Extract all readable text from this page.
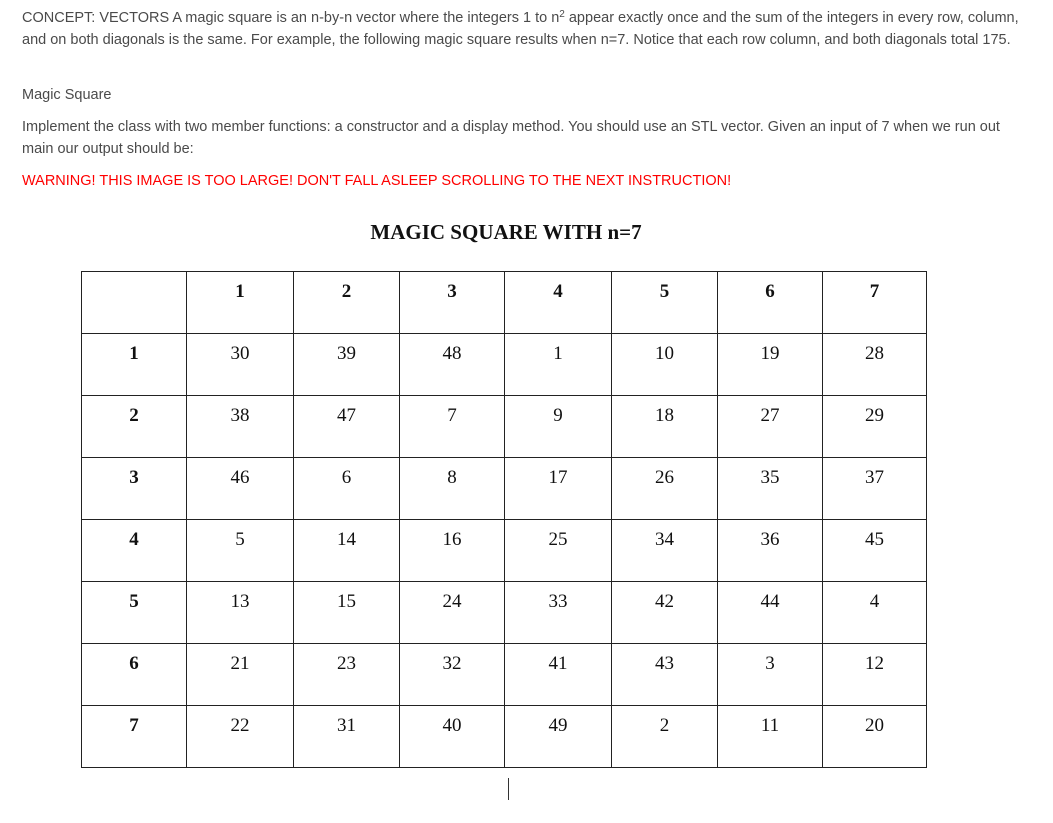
CONCEPT: VECTORS A magic square is an n-by-n vector where the integers 1 to $n^2$ appear exactly once and the sum of the integers in every row, column, and on both diagonals is the same. For example, the following magic square results when n=7. Notice that each row column, and both diagonals total 175.

Magic Square

Implement the class with two member functions: a constructor and a display method. You should use an STL vector. Given an input of 7 when we run out main our output should be:

WARNING! THIS IMAGE IS TOO LARGE! DON'T FALL ASLEEP SCROLLING TO THE NEXT INSTRUCTION!

MAGIC SQUARE WITH n=7

	1	2	3	4	5	6	7

1	30	39	48	1	10	19	28

2	38	47	7	9	18	27	29

3	46	6	8	17	26	35	37

4	5	14	16	25	34	36	45

5	13	15	24	33	42	44	4

6	21	23	32	41	43	3	12

7	22	31	40	49	2	11	20
